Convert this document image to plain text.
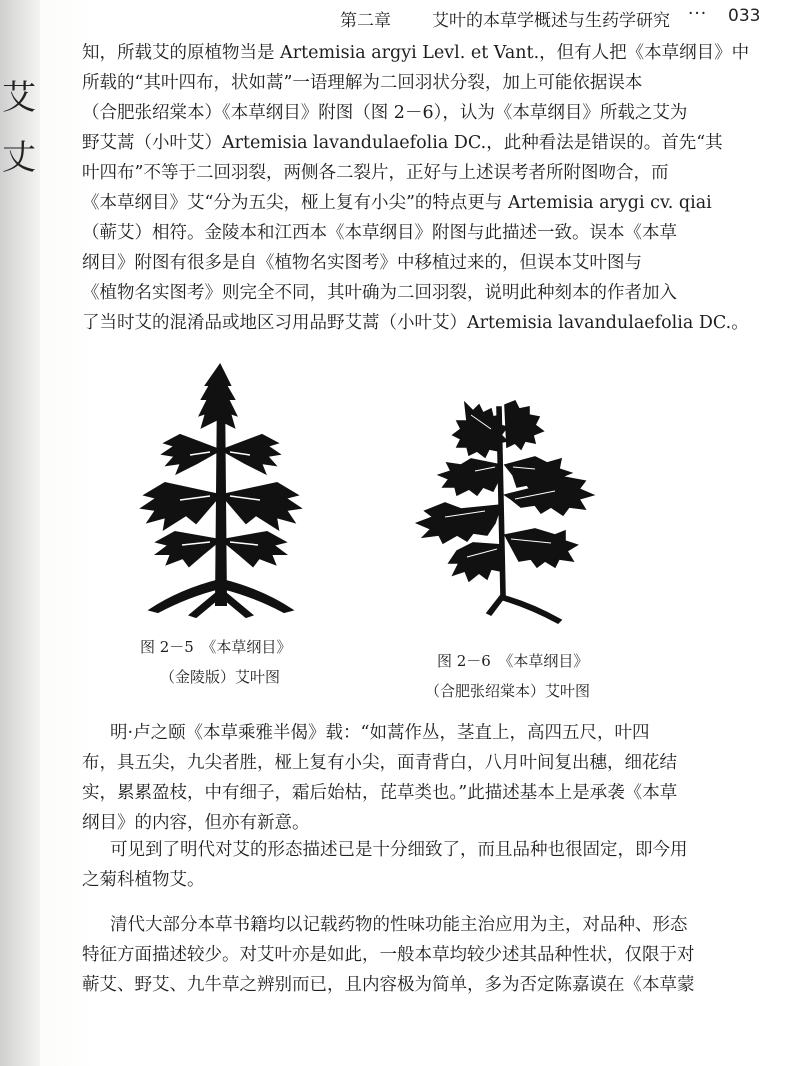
艾
丈
第二章 艾叶的本草学概述与生药学研究 ··· 033
知，所载艾的原植物当是 Artemisia argyi Levl. et Vant.，但有人把《本草纲目》中
所载的“其叶四布，状如蒿”一语理解为二回羽状分裂，加上可能依据误本
（合肥张绍棠本）《本草纲目》附图（图 2－6），认为《本草纲目》所载之艾为
野艾蒿（小叶艾）Artemisia lavandulaefolia DC.，此种看法是错误的。首先“其
叶四布”不等于二回羽裂，两侧各二裂片，正好与上述误考者所附图吻合，而
《本草纲目》艾“分为五尖，桠上复有小尖”的特点更与 Artemisia arygi cv. qiai
（蕲艾）相符。金陵本和江西本《本草纲目》附图与此描述一致。误本《本草
纲目》附图有很多是自《植物名实图考》中移植过来的，但误本艾叶图与
《植物名实图考》则完全不同，其叶确为二回羽裂，说明此种刻本的作者加入
了当时艾的混淆品或地区习用品野艾蒿（小叶艾）Artemisia lavandulaefolia DC.。
图 2－5　《本草纲目》
（金陵版）艾叶图
图 2－6　《本草纲目》
（合肥张绍棠本）艾叶图
明·卢之颐《本草乘雅半偈》载：“如蒿作丛，茎直上，高四五尺，叶四
布，具五尖，九尖者胜，桠上复有小尖，面青背白，八月叶间复出穗，细花结
实，累累盈枝，中有细子，霜后始枯，芘草类也。”此描述基本上是承袭《本草
纲目》的内容，但亦有新意。
可见到了明代对艾的形态描述已是十分细致了，而且品种也很固定，即今用
之菊科植物艾。
清代大部分本草书籍均以记载药物的性味功能主治应用为主，对品种、形态
特征方面描述较少。对艾叶亦是如此，一般本草均较少述其品种性状，仅限于对
蕲艾、野艾、九牛草之辨别而已，且内容极为简单，多为否定陈嘉谟在《本草蒙
